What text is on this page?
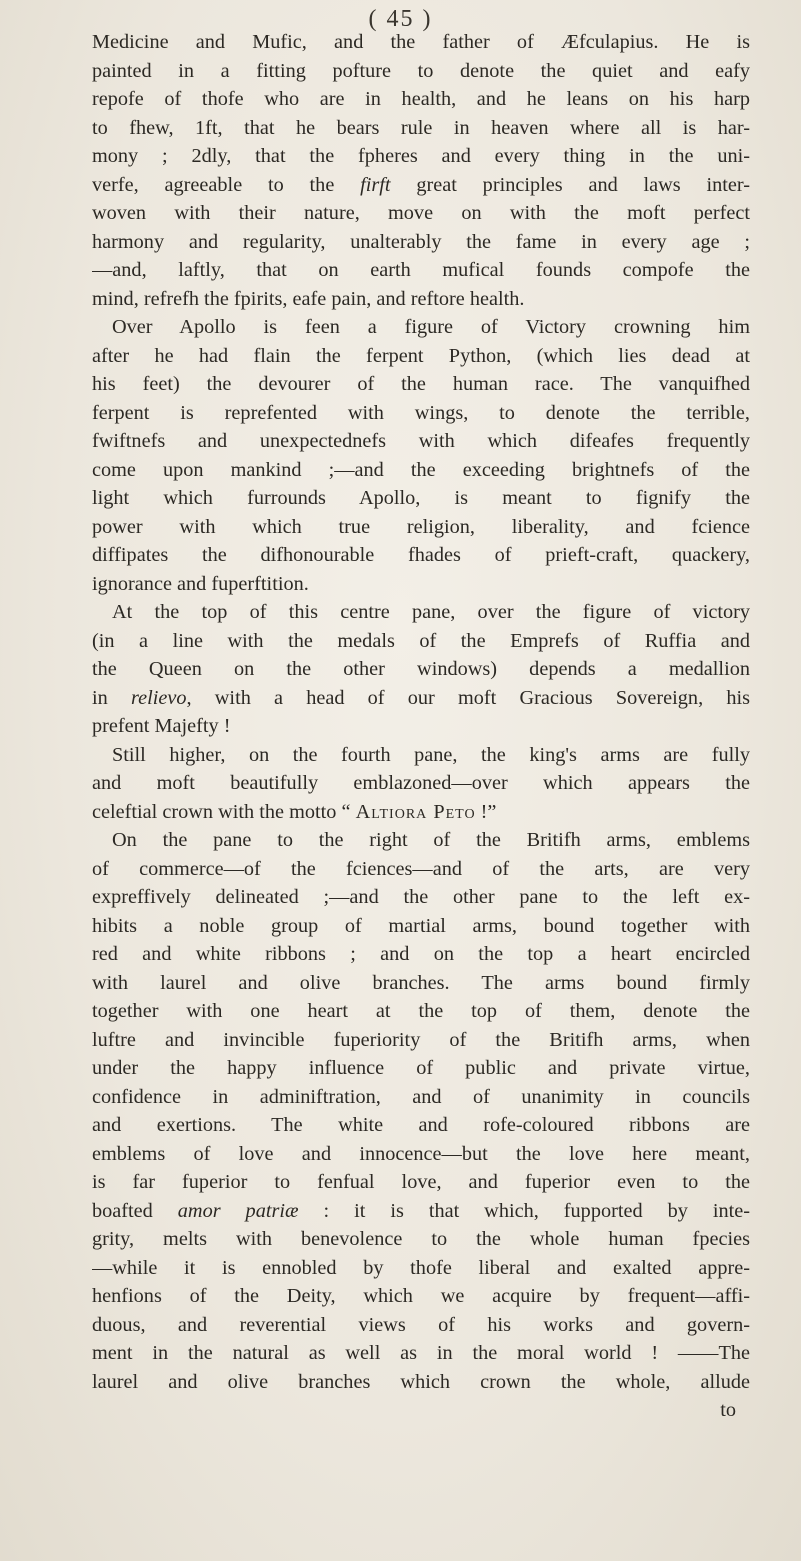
( 45 )
Medicine and Mufic, and the father of Æfculapius. He is
painted in a fitting pofture to denote the quiet and eafy
repofe of thofe who are in health, and he leans on his harp
to fhew, 1ft, that he bears rule in heaven where all is har-
mony ; 2dly, that the fpheres and every thing in the uni-
verfe, agreeable to the firft great principles and laws inter-
woven with their nature, move on with the moft perfect
harmony and regularity, unalterably the fame in every age ;
—and, laftly, that on earth mufical founds compofe the
mind, refrefh the fpirits, eafe pain, and reftore health.
Over Apollo is feen a figure of Victory crowning him
after he had flain the ferpent Python, (which lies dead at
his feet) the devourer of the human race. The vanquifhed
ferpent is reprefented with wings, to denote the terrible,
fwiftnefs and unexpectednefs with which difeafes frequently
come upon mankind ;—and the exceeding brightnefs of the
light which furrounds Apollo, is meant to fignify the
power with which true religion, liberality, and fcience
diffipates the difhonourable fhades of prieft-craft, quackery,
ignorance and fuperftition.
At the top of this centre pane, over the figure of victory
(in a line with the medals of the Emprefs of Ruffia and
the Queen on the other windows) depends a medallion
in relievo, with a head of our moft Gracious Sovereign, his
prefent Majefty !
Still higher, on the fourth pane, the king's arms are fully
and moft beautifully emblazoned—over which appears the
celeftial crown with the motto “ Altiora Peto !”
On the pane to the right of the Britifh arms, emblems
of commerce—of the fciences—and of the arts, are very
expreffively delineated ;—and the other pane to the left ex-
hibits a noble group of martial arms, bound together with
red and white ribbons ; and on the top a heart encircled
with laurel and olive branches. The arms bound firmly
together with one heart at the top of them, denote the
luftre and invincible fuperiority of the Britifh arms, when
under the happy influence of public and private virtue,
confidence in adminiftration, and of unanimity in councils
and exertions. The white and rofe-coloured ribbons are
emblems of love and innocence—but the love here meant,
is far fuperior to fenfual love, and fuperior even to the
boafted amor patriæ : it is that which, fupported by inte-
grity, melts with benevolence to the whole human fpecies
—while it is ennobled by thofe liberal and exalted appre-
henfions of the Deity, which we acquire by frequent—affi-
duous, and reverential views of his works and govern-
ment in the natural as well as in the moral world ! ——The
laurel and olive branches which crown the whole, allude
to
